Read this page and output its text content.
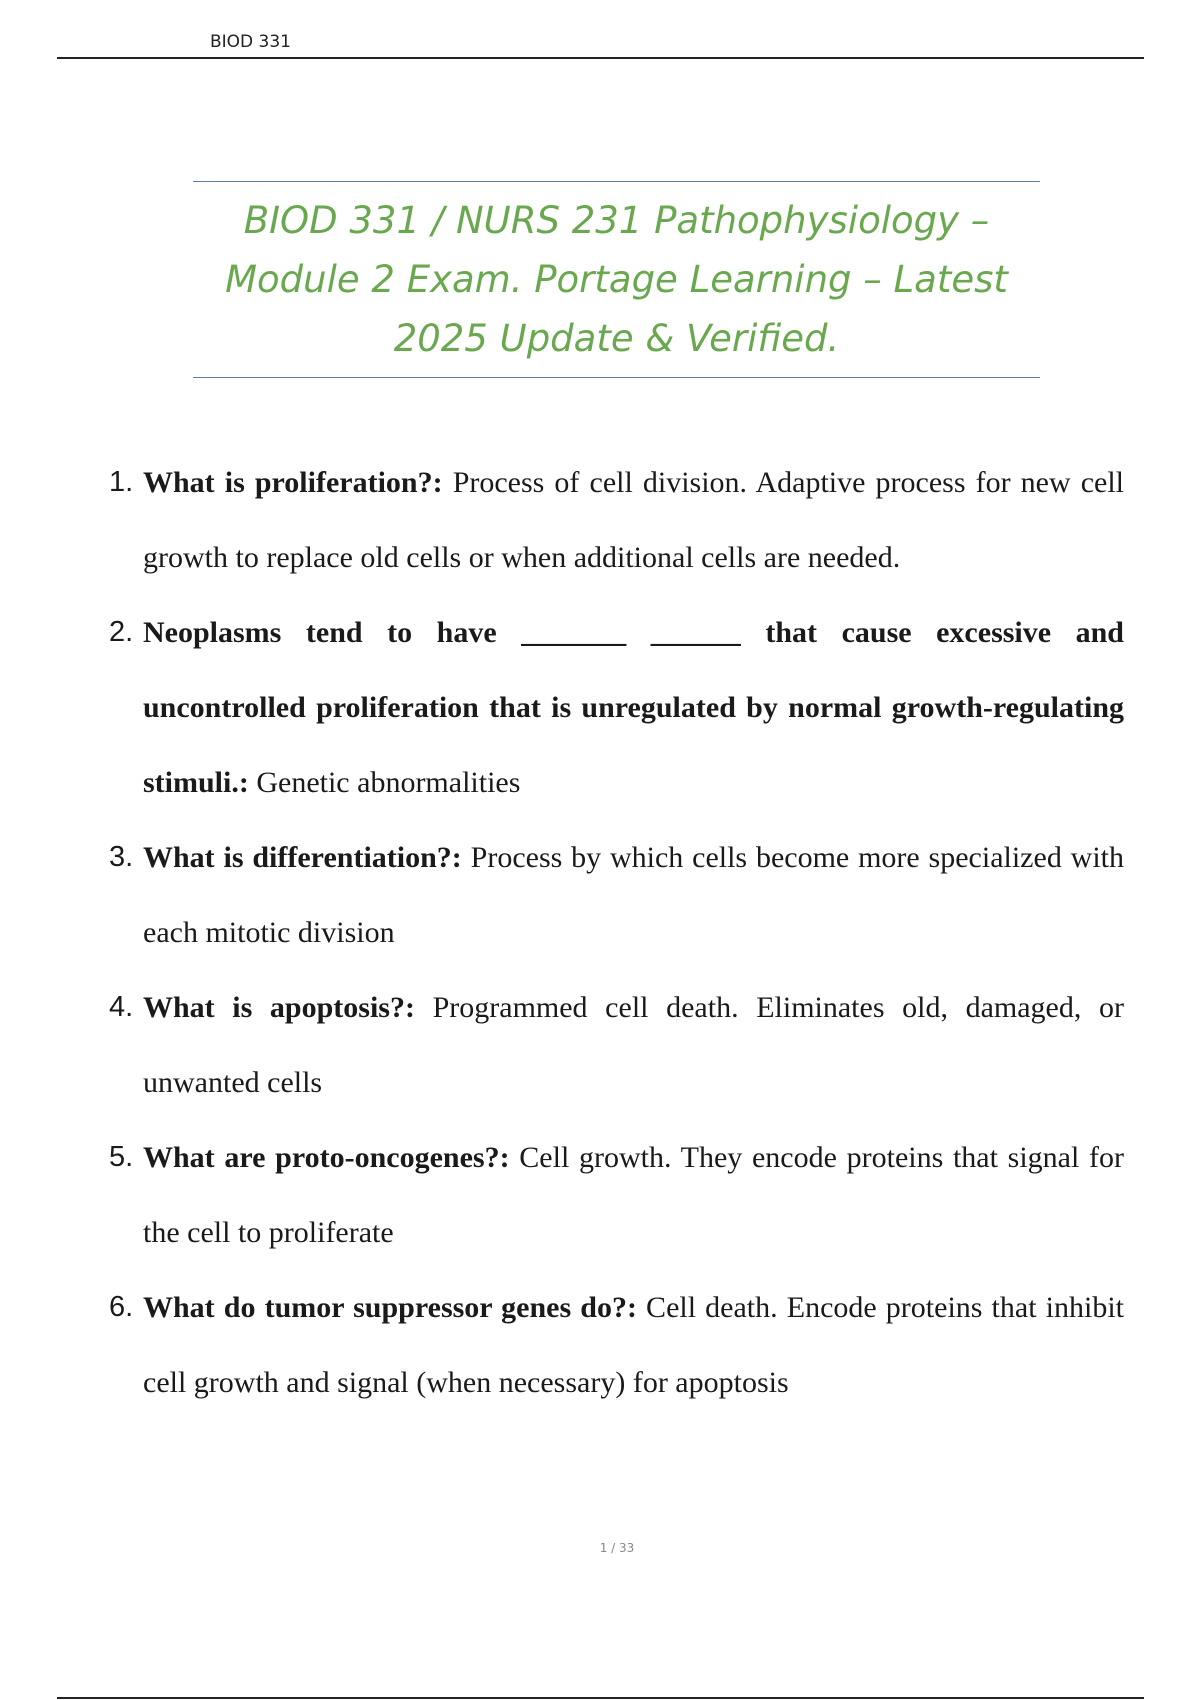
BIOD 331
BIOD 331 / NURS 231 Pathophysiology – Module 2 Exam. Portage Learning – Latest 2025 Update & Verified.
1. What is proliferation?: Process of cell division. Adaptive process for new cell growth to replace old cells or when additional cells are needed.
2. Neoplasms tend to have _______ ______ that cause excessive and uncontrolled proliferation that is unregulated by normal growth-regulating stimuli.: Genetic abnormalities
3. What is differentiation?: Process by which cells become more specialized with each mitotic division
4. What is apoptosis?: Programmed cell death. Eliminates old, damaged, or unwanted cells
5. What are proto-oncogenes?: Cell growth. They encode proteins that signal for the cell to proliferate
6. What do tumor suppressor genes do?: Cell death. Encode proteins that inhibit cell growth and signal (when necessary) for apoptosis
1 / 33
